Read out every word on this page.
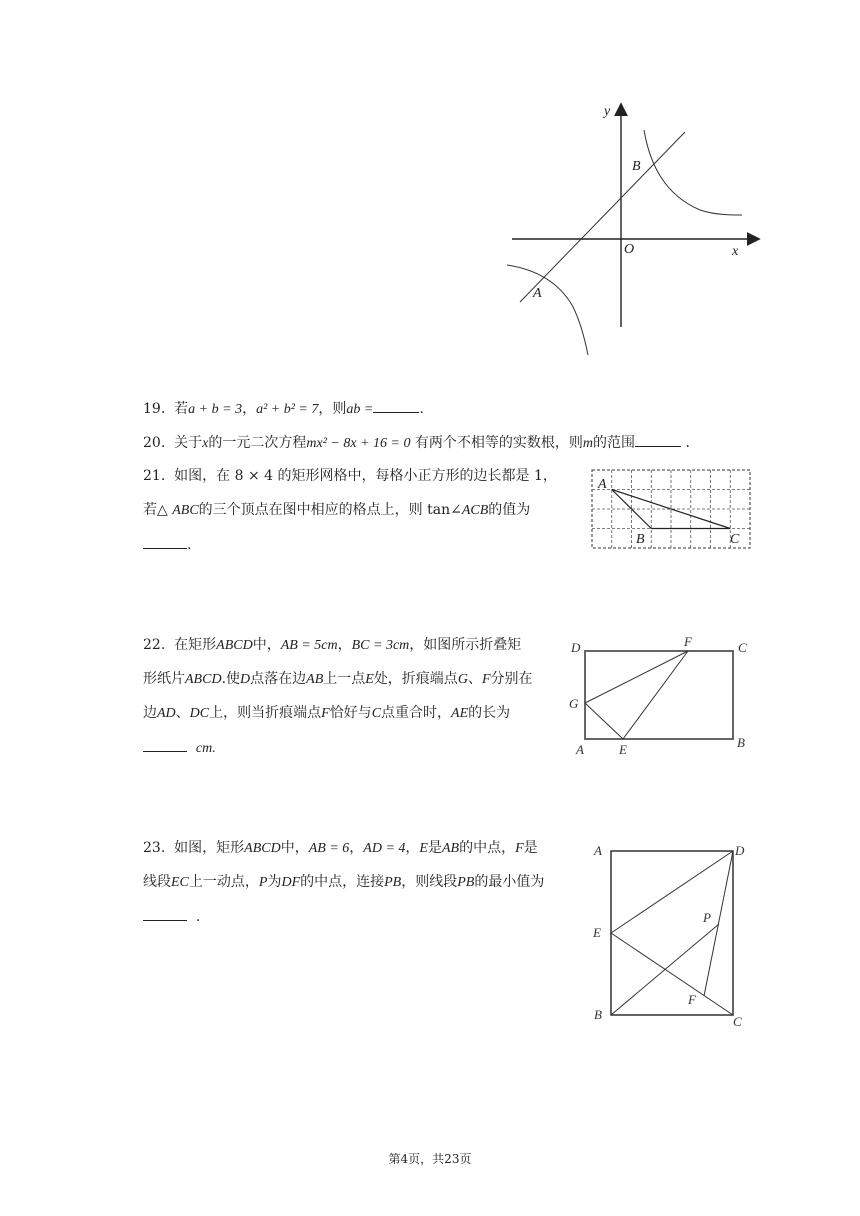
y
x
O
B
A
19. 若a + b = 3，a² + b² = 7，则ab =	.
20. 关于x的一元二次方程mx² − 8x + 16 = 0 有两个不相等的实数根，则m的范围	.
21. 如图，在 8 × 4 的矩形网格中，每格小正方形的边长都是 1，
若△ ABC的三个顶点在图中相应的格点上，则 tan∠ACB的值为
.
A
B	C
22. 在矩形ABCD中，AB = 5cm，BC = 3cm，如图所示折叠矩
形纸片ABCD.使D点落在边AB上一点E处，折痕端点G、F分别在
边AD、DC上，则当折痕端点F恰好与C点重合时，AE的长为
cm.
D	F	C
G
A	E	B
23. 如图，矩形ABCD中，AB = 6，AD = 4，E是AB的中点，F是
线段EC上一动点，P为DF的中点，连接PB，则线段PB的最小值为
.
A	D
E
P
F
B	C
第4页，共23页
